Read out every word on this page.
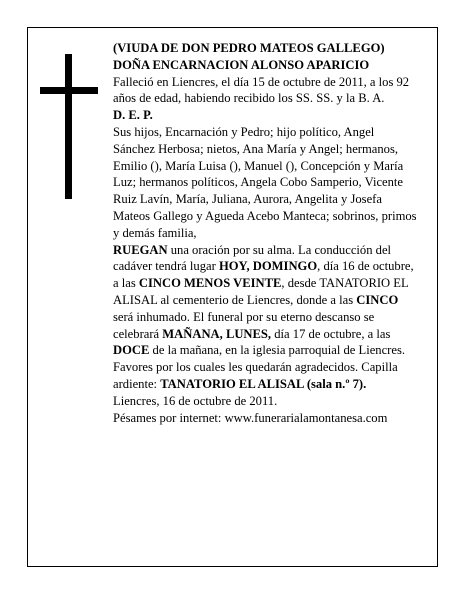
(VIUDA DE DON PEDRO MATEOS GALLEGO)

DOÑA ENCARNACION ALONSO APARICIO

Falleció en Liencres, el día 15 de octubre de 2011, a los 92 años de edad, habiendo recibido los SS. SS. y la B. A.

D. E. P.

Sus hijos, Encarnación y Pedro; hijo político, Angel Sánchez Herbosa; nietos, Ana María y Angel; hermanos, Emilio (), María Luisa (), Manuel (), Concepción y María Luz; hermanos políticos, Angela Cobo Samperio, Vicente Ruiz Lavín, María, Juliana, Aurora, Angelita y Josefa Mateos Gallego y Agueda Acebo Manteca; sobrinos, primos y demás familia,

RUEGAN una oración por su alma. La conducción del cadáver tendrá lugar HOY, DOMINGO, día 16 de octubre, a las CINCO MENOS VEINTE, desde TANATORIO EL ALISAL al cementerio de Liencres, donde a las CINCO será inhumado. El funeral por su eterno descanso se celebrará MAÑANA, LUNES, día 17 de octubre, a las DOCE de la mañana, en la iglesia parroquial de Liencres. Favores por los cuales les quedarán agradecidos. Capilla ardiente: TANATORIO EL ALISAL (sala n.º 7).

Liencres, 16 de octubre de 2011.

Pésames por internet: www.funerarialamontanesa.com
